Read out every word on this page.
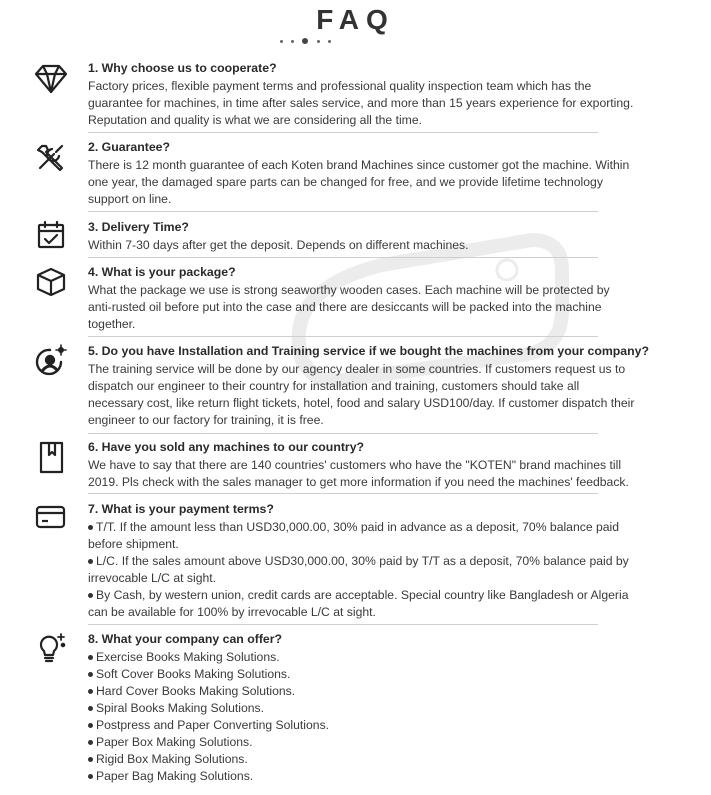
FAQ
1. Why choose us to cooperate?
Factory prices, flexible payment terms and professional quality inspection team which has the
guarantee for machines, in time after sales service, and more than 15 years experience for exporting.
Reputation and quality is what we are considering all the time.
2. Guarantee?
There is 12 month guarantee of each Koten brand Machines since customer got the machine. Within
one year, the damaged spare parts can be changed for free, and we provide lifetime technology
support on line.
3. Delivery Time?
Within 7-30 days after get the deposit. Depends on different machines.
4. What is your package?
What the package we use is strong seaworthy wooden cases. Each machine will be protected by
anti-rusted oil before put into the case and there are desiccants will be packed into the machine
together.
5. Do you have Installation and Training service if we bought the machines from your company?
The training service will be done by our agency dealer in some countries. If customers request us to
dispatch our engineer to their country for installation and training, customers should take all
necessary cost, like return flight tickets, hotel, food and salary USD100/day. If customer dispatch their
engineer to our factory for training, it is free.
6. Have you sold any machines to our country?
We have to say that there are 140 countries' customers who have the "KOTEN" brand machines till
2019. Pls check with the sales manager to get more information if you need the machines' feedback.
7. What is your payment terms?
T/T. If the amount less than USD30,000.00, 30% paid in advance as a deposit, 70% balance paid
before shipment.
L/C. If the sales amount above USD30,000.00, 30% paid by T/T as a deposit, 70% balance paid by
irrevocable L/C at sight.
By Cash, by western union, credit cards are acceptable. Special country like Bangladesh or Algeria
can be available for 100% by irrevocable L/C at sight.
8. What your company can offer?
Exercise Books Making Solutions.
Soft Cover Books Making Solutions.
Hard Cover Books Making Solutions.
Spiral Books Making Solutions.
Postpress and Paper Converting Solutions.
Paper Box Making Solutions.
Rigid Box Making Solutions.
Paper Bag Making Solutions.
